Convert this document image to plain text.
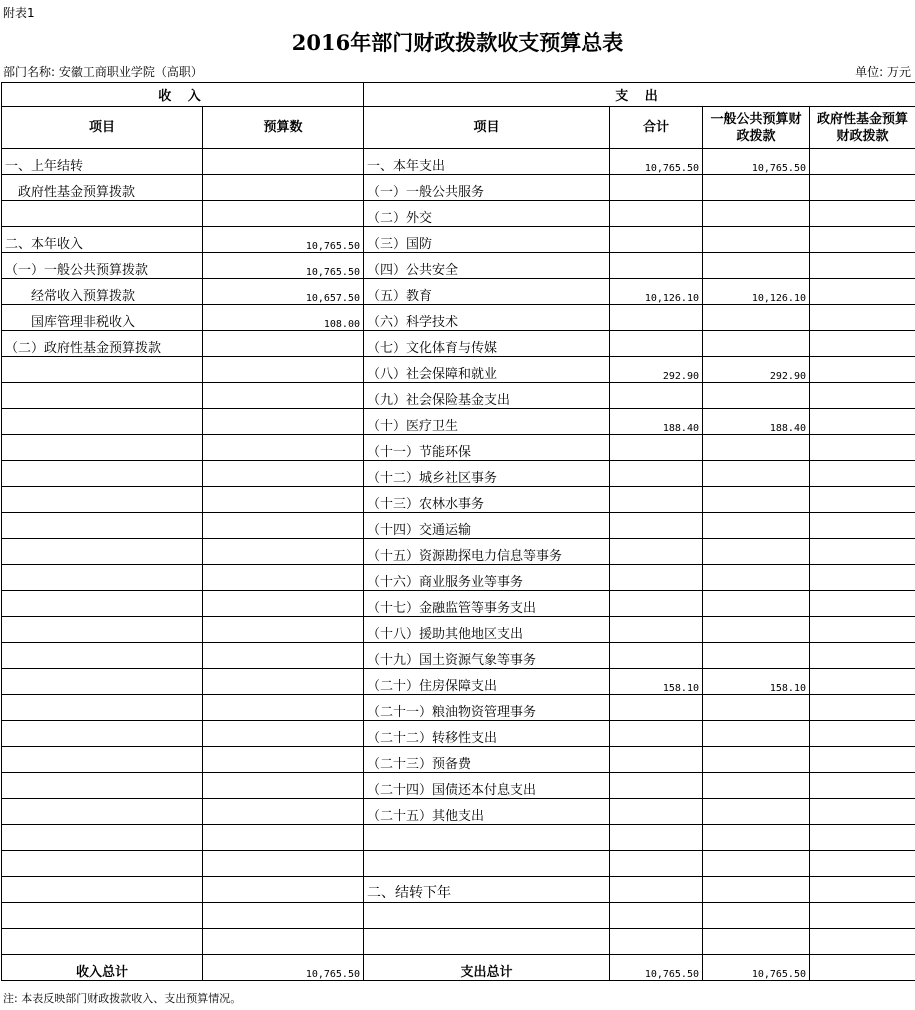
附表1
2016年部门财政拨款收支预算总表
部门名称: 安徽工商职业学院（高职）	单位: 万元
收 入		支 出			
项目	预算数	项目	合计	一般公共预算财政拨款	政府性基金预算财政拨款
一、上年结转		一、本年支出	10,765.50	10,765.50	
　政府性基金预算拨款		（一）一般公共服务			
		（二）外交			
二、本年收入	10,765.50	（三）国防			
（一）一般公共预算拨款	10,765.50	（四）公共安全			
　　经常收入预算拨款	10,657.50	（五）教育	10,126.10	10,126.10	
　　国库管理非税收入	108.00	（六）科学技术			
（二）政府性基金预算拨款		（七）文化体育与传媒			
		（八）社会保障和就业	292.90	292.90	
		（九）社会保险基金支出			
		（十）医疗卫生	188.40	188.40	
		（十一）节能环保			
		（十二）城乡社区事务			
		（十三）农林水事务			
		（十四）交通运输			
		（十五）资源勘探电力信息等事务			
		（十六）商业服务业等事务			
		（十七）金融监管等事务支出			
		（十八）援助其他地区支出			
		（十九）国土资源气象等事务			
		（二十）住房保障支出	158.10	158.10	
		（二十一）粮油物资管理事务			
		（二十二）转移性支出			
		（二十三）预备费			
		（二十四）国债还本付息支出			
		（二十五）其他支出			

		二、结转下年			

收入总计	10,765.50	支出总计	10,765.50	10,765.50	
注: 本表反映部门财政拨款收入、支出预算情况。
